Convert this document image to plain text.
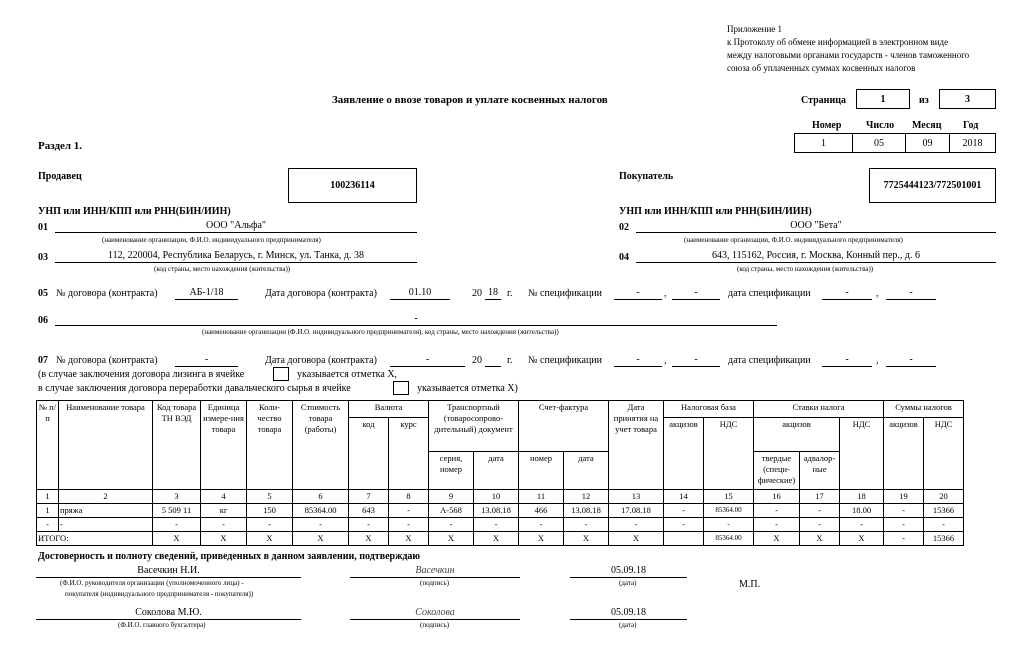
Приложение 1
к Протоколу об обмене информацией в электронном виде
между налоговыми органами государств - членов таможенного
союза об уплаченных суммах косвенных налогов
Заявление о ввозе товаров и уплате косвенных налогов	Страница	1	из	3
Номер Число Месяц Год
1	05	09	2018
Раздел 1.
Продавец
100236114
УНП или ИНН/КПП или РНН(БИН/ИИН)
01	ООО "Альфа"
(наименование организации, Ф.И.О. индивидуального предпринимателя)
03	112, 220004, Республика Беларусь, г. Минск, ул. Танка, д. 38
(код страны, место нахождения (жительства))
Покупатель
7725444123/772501001
УНП или ИНН/КПП или РНН(БИН/ИИН)
02	ООО "Бета"
(наименование организации, Ф.И.О. индивидуального предпринимателя)
04	643, 115162, Россия, г. Москва, Конный пер., д. 6
(код страны, место нахождения (жительства))
05 № договора (контракта)	АБ-1/18	Дата договора (контракта)	01.10	20 18 г. № спецификации	-	,	-	дата спецификации	-	,	-
06	-
(наименование организации (Ф.И.О. индивидуального предпринимателя), код страны, место нахождения (жительства))
07 № договора (контракта)	-	Дата договора (контракта)	-	20	г. № спецификации	-	,	-	дата спецификации	-	,	-
(в случае заключения договора лизинга в ячейке	указывается отметка Х,
в случае заключения договора переработки давальческого сырья в ячейке	указывается отметка Х)
№ п/п	Наименование товара	Код товара ТН ВЭД	Единица измере-ния товара	Коли-чество товара	Стоимость товара (работы)	Валюта		Транспортный (товаросопрово-дительный) документ		Счет-фактура		Дата принятия на учет товара	Налоговая база		Ставки налога			Суммы налогов	
						код	курс						акцизов	НДС	акцизов		НДС	акцизов	НДС
								серия, номер	дата	номер	дата				твердые (специ-фические)	адвалор-ные			
1	2	3	4	5	6	7	8	9	10	11	12	13	14	15	16	17	18	19	20
1	пряжа	5 509 11	кг	150	85364.00	643	-	А-568	13.08.18	466	13.08.18	17.08.18	-	85364.00	-	-	18.00	-	15366
-	-	-	-	-	-	-	-	-	-	-	-	-	-	-	-	-	-	-	-
ИТОГО:		Х	Х	Х	Х	Х	Х	Х	Х	Х	Х	Х		85364.00	Х	Х	Х	-	15366
Достоверность и полноту сведений, приведенных в данном заявлении, подтверждаю
Васечкин Н.И.
(Ф.И.О. руководителя организации (уполномоченного лица) -
покупателя (индивидуального предпринимателя - покупателя))
Васечкин
(подпись)
05.09.18
(дата)	М.П.
Соколова М.Ю.
(Ф.И.О. главного бухгалтера)
Соколова
(подпись)
05.09.18
(дата)
